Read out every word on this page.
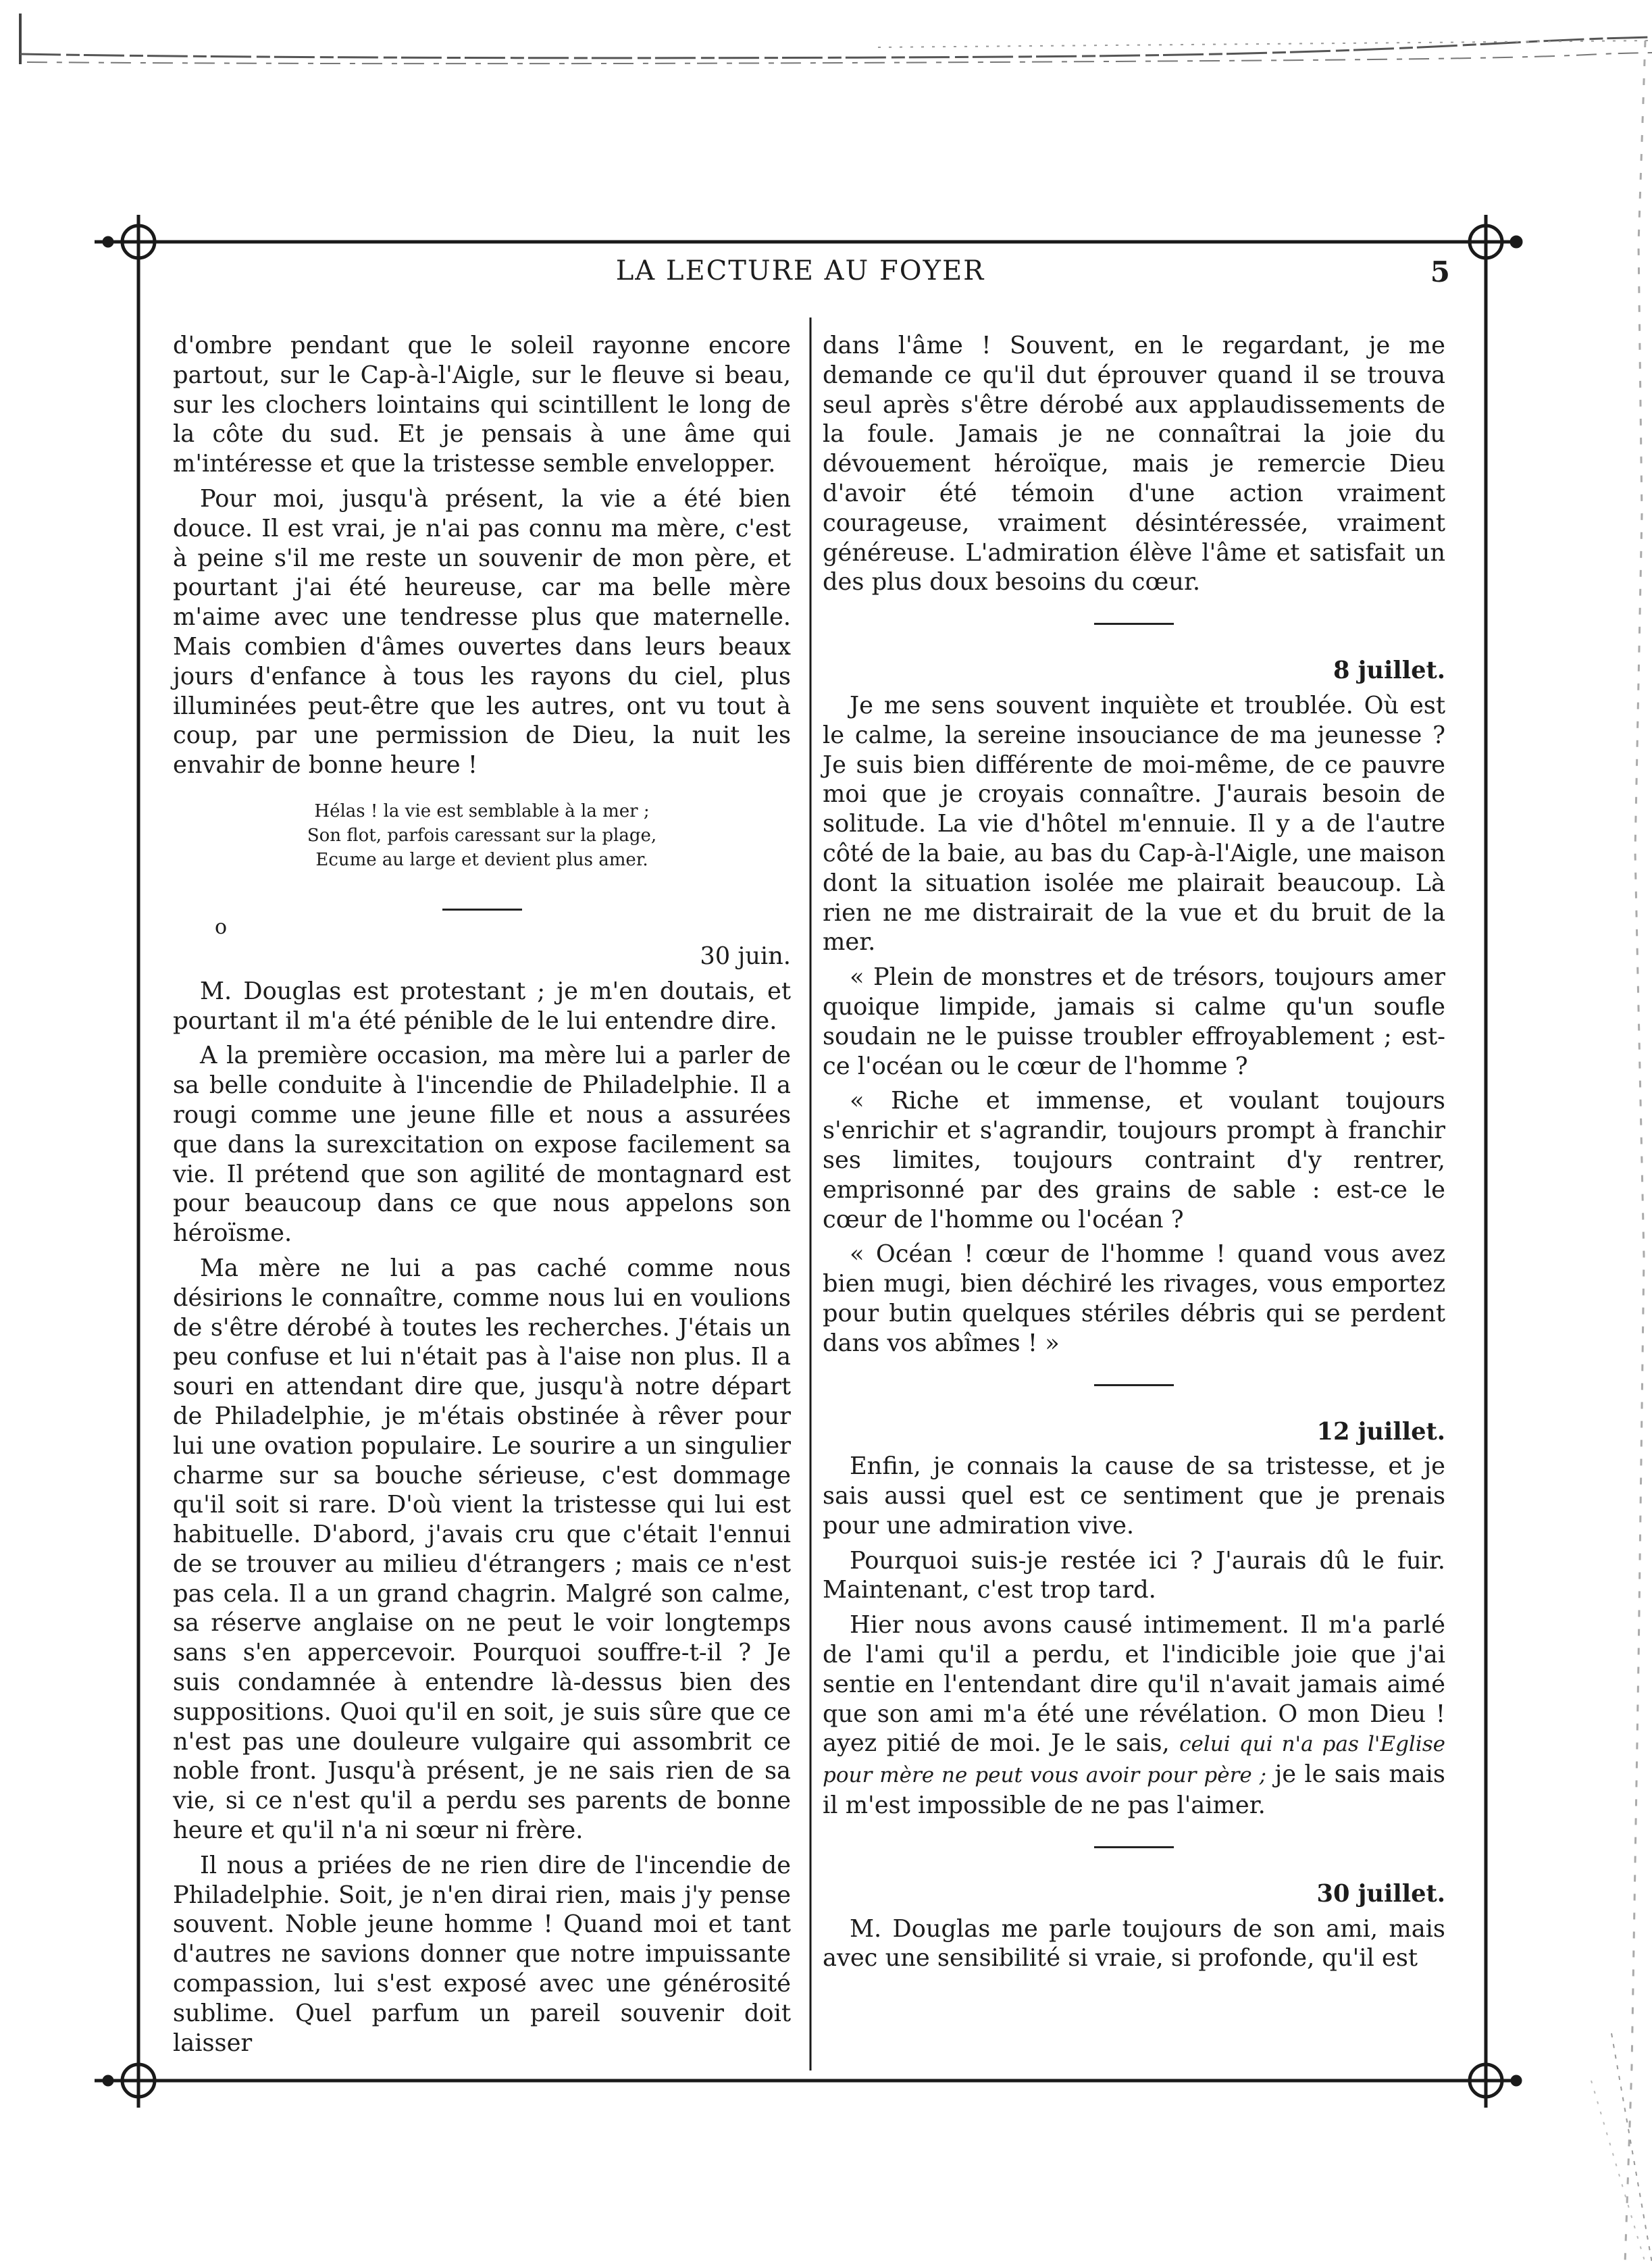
LA LECTURE AU FOYER	5

d'ombre pendant que le soleil rayonne encore partout, sur le Cap-à-l'Aigle, sur le fleuve si beau, sur les clochers lointains qui scintillent le long de la côte du sud. Et je pensais à une âme qui m'intéresse et que la tristesse semble envelopper.

Pour moi, jusqu'à présent, la vie a été bien douce. Il est vrai, je n'ai pas connu ma mère, c'est à peine s'il me reste un souvenir de mon père, et pourtant j'ai été heureuse, car ma belle mère m'aime avec une tendresse plus que maternelle. Mais combien d'âmes ouvertes dans leurs beaux jours d'enfance à tous les rayons du ciel, plus illuminées peut-être que les autres, ont vu tout à coup, par une permission de Dieu, la nuit les envahir de bonne heure !

Hélas ! la vie est semblable à la mer ;
Son flot, parfois caressant sur la plage,
Ecume au large et devient plus amer.

30 juin.

M. Douglas est protestant ; je m'en doutais, et pourtant il m'a été pénible de le lui entendre dire.

A la première occasion, ma mère lui a parler de sa belle conduite à l'incendie de Philadelphie. Il a rougi comme une jeune fille et nous a assurées que dans la surexcitation on expose facilement sa vie. Il prétend que son agilité de montagnard est pour beaucoup dans ce que nous appelons son héroïsme.

Ma mère ne lui a pas caché comme nous désirions le connaître, comme nous lui en voulions de s'être dérobé à toutes les recherches. J'étais un peu confuse et lui n'était pas à l'aise non plus. Il a souri en attendant dire que, jusqu'à notre départ de Philadelphie, je m'étais obstinée à rêver pour lui une ovation populaire. Le sourire a un singulier charme sur sa bouche sérieuse, c'est dommage qu'il soit si rare. D'où vient la tristesse qui lui est habituelle. D'abord, j'avais cru que c'était l'ennui de se trouver au milieu d'étrangers ; mais ce n'est pas cela. Il a un grand chagrin. Malgré son calme, sa réserve anglaise on ne peut le voir longtemps sans s'en appercevoir. Pourquoi souffre-t-il ? Je suis condamnée à entendre là-dessus bien des suppositions. Quoi qu'il en soit, je suis sûre que ce n'est pas une douleure vulgaire qui assombrit ce noble front. Jusqu'à présent, je ne sais rien de sa vie, si ce n'est qu'il a perdu ses parents de bonne heure et qu'il n'a ni sœur ni frère.

Il nous a priées de ne rien dire de l'incendie de Philadelphie. Soit, je n'en dirai rien, mais j'y pense souvent. Noble jeune homme ! Quand moi et tant d'autres ne savions donner que notre impuissante compassion, lui s'est exposé avec une générosité sublime. Quel parfum un pareil souvenir doit laisser

o

dans l'âme ! Souvent, en le regardant, je me demande ce qu'il dut éprouver quand il se trouva seul après s'être dérobé aux applaudissements de la foule. Jamais je ne connaîtrai la joie du dévouement héroïque, mais je remercie Dieu d'avoir été témoin d'une action vraiment courageuse, vraiment désintéressée, vraiment généreuse. L'admiration élève l'âme et satisfait un des plus doux besoins du cœur.

8 juillet.

Je me sens souvent inquiète et troublée. Où est le calme, la sereine insouciance de ma jeunesse ? Je suis bien différente de moi-même, de ce pauvre moi que je croyais connaître. J'aurais besoin de solitude. La vie d'hôtel m'ennuie. Il y a de l'autre côté de la baie, au bas du Cap-à-l'Aigle, une maison dont la situation isolée me plairait beaucoup. Là rien ne me distrairait de la vue et du bruit de la mer.

« Plein de monstres et de trésors, toujours amer quoique limpide, jamais si calme qu'un soufle soudain ne le puisse troubler effroyablement ; est-ce l'océan ou le cœur de l'homme ?

« Riche et immense, et voulant toujours s'enrichir et s'agrandir, toujours prompt à franchir ses limites, toujours contraint d'y rentrer, emprisonné par des grains de sable : est-ce le cœur de l'homme ou l'océan ?

« Océan ! cœur de l'homme ! quand vous avez bien mugi, bien déchiré les rivages, vous emportez pour butin quelques stériles débris qui se perdent dans vos abîmes ! »

12 juillet.

Enfin, je connais la cause de sa tristesse, et je sais aussi quel est ce sentiment que je prenais pour une admiration vive.

Pourquoi suis-je restée ici ? J'aurais dû le fuir. Maintenant, c'est trop tard.

Hier nous avons causé intimement. Il m'a parlé de l'ami qu'il a perdu, et l'indicible joie que j'ai sentie en l'entendant dire qu'il n'avait jamais aimé que son ami m'a été une révélation. O mon Dieu ! ayez pitié de moi. Je le sais, celui qui n'a pas l'Eglise pour mère ne peut vous avoir pour père ; je le sais mais il m'est impossible de ne pas l'aimer.

30 juillet.

M. Douglas me parle toujours de son ami, mais avec une sensibilité si vraie, si profonde, qu'il est
